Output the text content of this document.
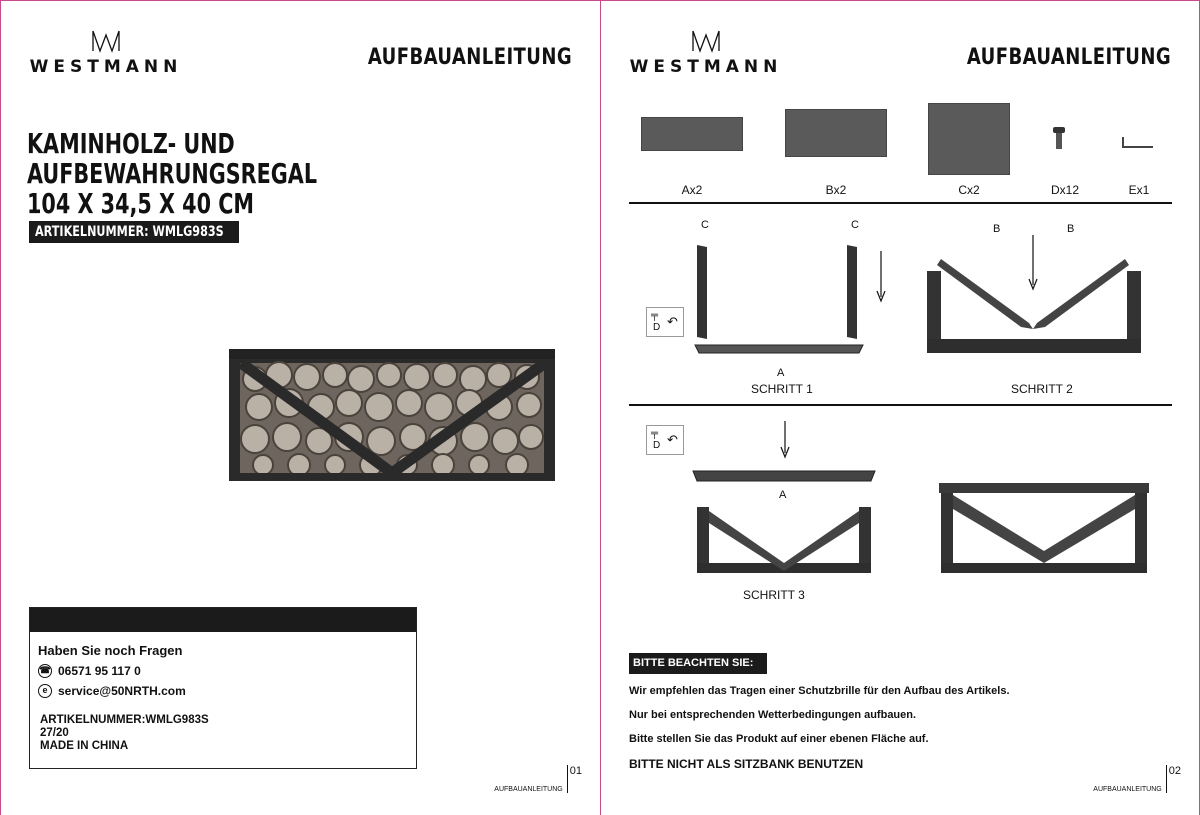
WESTMANN	AUFBAUANLEITUNG
KAMINHOLZ- UND
AUFBEWAHRUNGSREGAL
104 X 34,5 X 40 CM
ARTIKELNUMMER: WMLG983S
Haben Sie noch Fragen
☎ 06571 95 117 0
e service@50NRTH.com
ARTIKELNUMMER:WMLG983S
27/20
MADE IN CHINA
AUFBAUANLEITUNG
01
WESTMANN	AUFBAUANLEITUNG
Ax2	Bx2	Cx2	Dx12	Ex1
C	C
╤
D ↶
A
SCHRITT 1
B	B
SCHRITT 2
╤
D ↶
A
SCHRITT 3
BITTE BEACHTEN SIE:
Wir empfehlen das Tragen einer Schutzbrille für den Aufbau des Artikels.
Nur bei entsprechenden Wetterbedingungen aufbauen.
Bitte stellen Sie das Produkt auf einer ebenen Fläche auf.
BITTE NICHT ALS SITZBANK BENUTZEN
AUFBAUANLEITUNG
02
